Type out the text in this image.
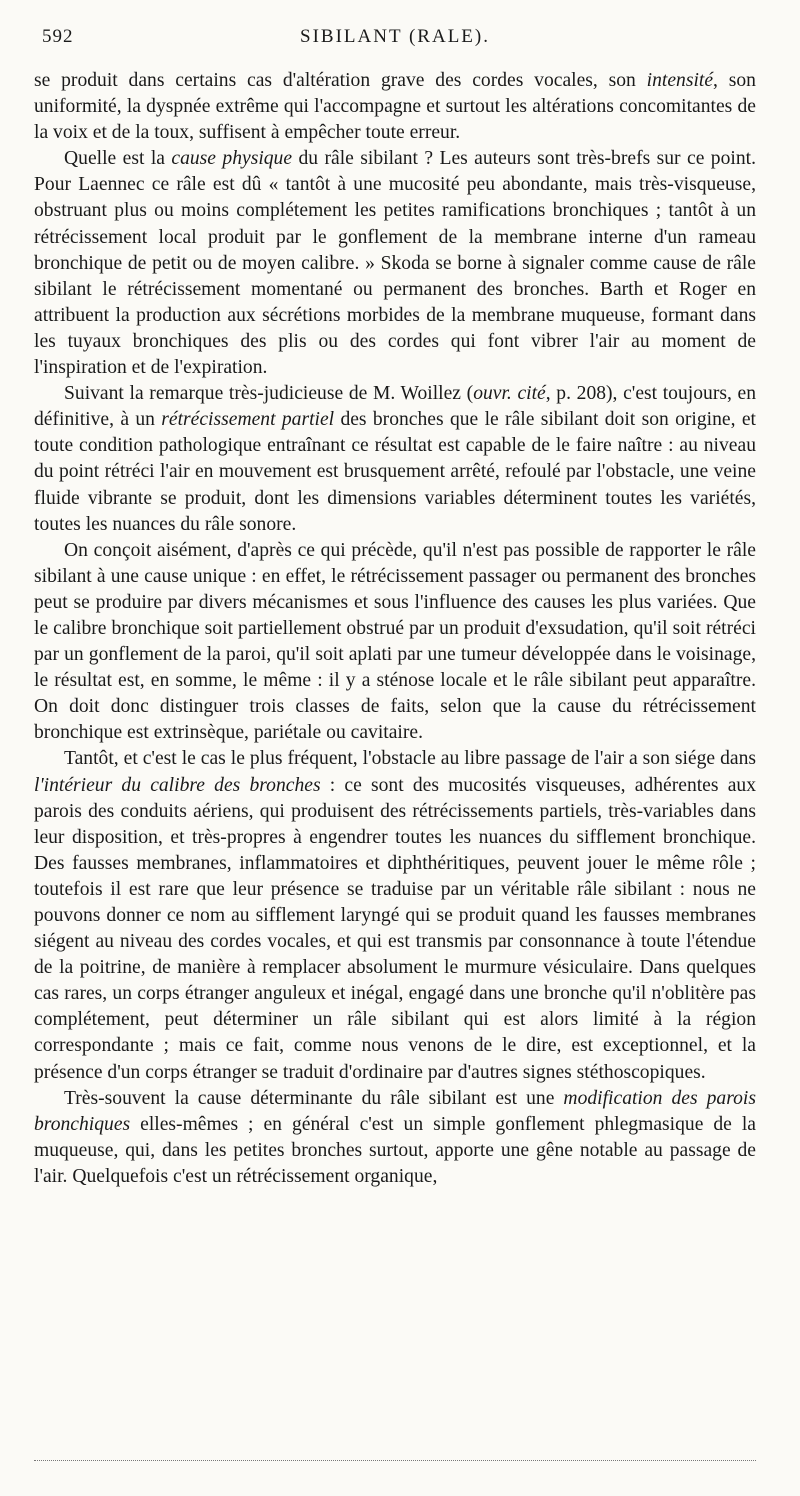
592	SIBILANT (RALE).

se produit dans certains cas d'altération grave des cordes vocales, son intensité, son uniformité, la dyspnée extrême qui l'accompagne et surtout les altérations concomitantes de la voix et de la toux, suffisent à empêcher toute erreur.

Quelle est la cause physique du râle sibilant ? Les auteurs sont très-brefs sur ce point. Pour Laennec ce râle est dû « tantôt à une mucosité peu abondante, mais très-visqueuse, obstruant plus ou moins complétement les petites ramifications bronchiques ; tantôt à un rétrécissement local produit par le gonflement de la membrane interne d'un rameau bronchique de petit ou de moyen calibre. » Skoda se borne à signaler comme cause de râle sibilant le rétrécissement momentané ou permanent des bronches. Barth et Roger en attribuent la production aux sécrétions morbides de la membrane muqueuse, formant dans les tuyaux bronchiques des plis ou des cordes qui font vibrer l'air au moment de l'inspiration et de l'expiration.

Suivant la remarque très-judicieuse de M. Woillez (ouvr. cité, p. 208), c'est toujours, en définitive, à un rétrécissement partiel des bronches que le râle sibilant doit son origine, et toute condition pathologique entraînant ce résultat est capable de le faire naître : au niveau du point rétréci l'air en mouvement est brusquement arrêté, refoulé par l'obstacle, une veine fluide vibrante se produit, dont les dimensions variables déterminent toutes les variétés, toutes les nuances du râle sonore.

On conçoit aisément, d'après ce qui précède, qu'il n'est pas possible de rapporter le râle sibilant à une cause unique : en effet, le rétrécissement passager ou permanent des bronches peut se produire par divers mécanismes et sous l'influence des causes les plus variées. Que le calibre bronchique soit partiellement obstrué par un produit d'exsudation, qu'il soit rétréci par un gonflement de la paroi, qu'il soit aplati par une tumeur développée dans le voisinage, le résultat est, en somme, le même : il y a sténose locale et le râle sibilant peut apparaître. On doit donc distinguer trois classes de faits, selon que la cause du rétrécissement bronchique est extrinsèque, pariétale ou cavitaire.

Tantôt, et c'est le cas le plus fréquent, l'obstacle au libre passage de l'air a son siége dans l'intérieur du calibre des bronches : ce sont des mucosités visqueuses, adhérentes aux parois des conduits aériens, qui produisent des rétrécissements partiels, très-variables dans leur disposition, et très-propres à engendrer toutes les nuances du sifflement bronchique. Des fausses membranes, inflammatoires et diphthéritiques, peuvent jouer le même rôle ; toutefois il est rare que leur présence se traduise par un véritable râle sibilant : nous ne pouvons donner ce nom au sifflement laryngé qui se produit quand les fausses membranes siégent au niveau des cordes vocales, et qui est transmis par consonnance à toute l'étendue de la poitrine, de manière à remplacer absolument le murmure vésiculaire. Dans quelques cas rares, un corps étranger anguleux et inégal, engagé dans une bronche qu'il n'oblitère pas complétement, peut déterminer un râle sibilant qui est alors limité à la région correspondante ; mais ce fait, comme nous venons de le dire, est exceptionnel, et la présence d'un corps étranger se traduit d'ordinaire par d'autres signes stéthoscopiques.

Très-souvent la cause déterminante du râle sibilant est une modification des parois bronchiques elles-mêmes ; en général c'est un simple gonflement phlegmasique de la muqueuse, qui, dans les petites bronches surtout, apporte une gêne notable au passage de l'air. Quelquefois c'est un rétrécissement organique,
